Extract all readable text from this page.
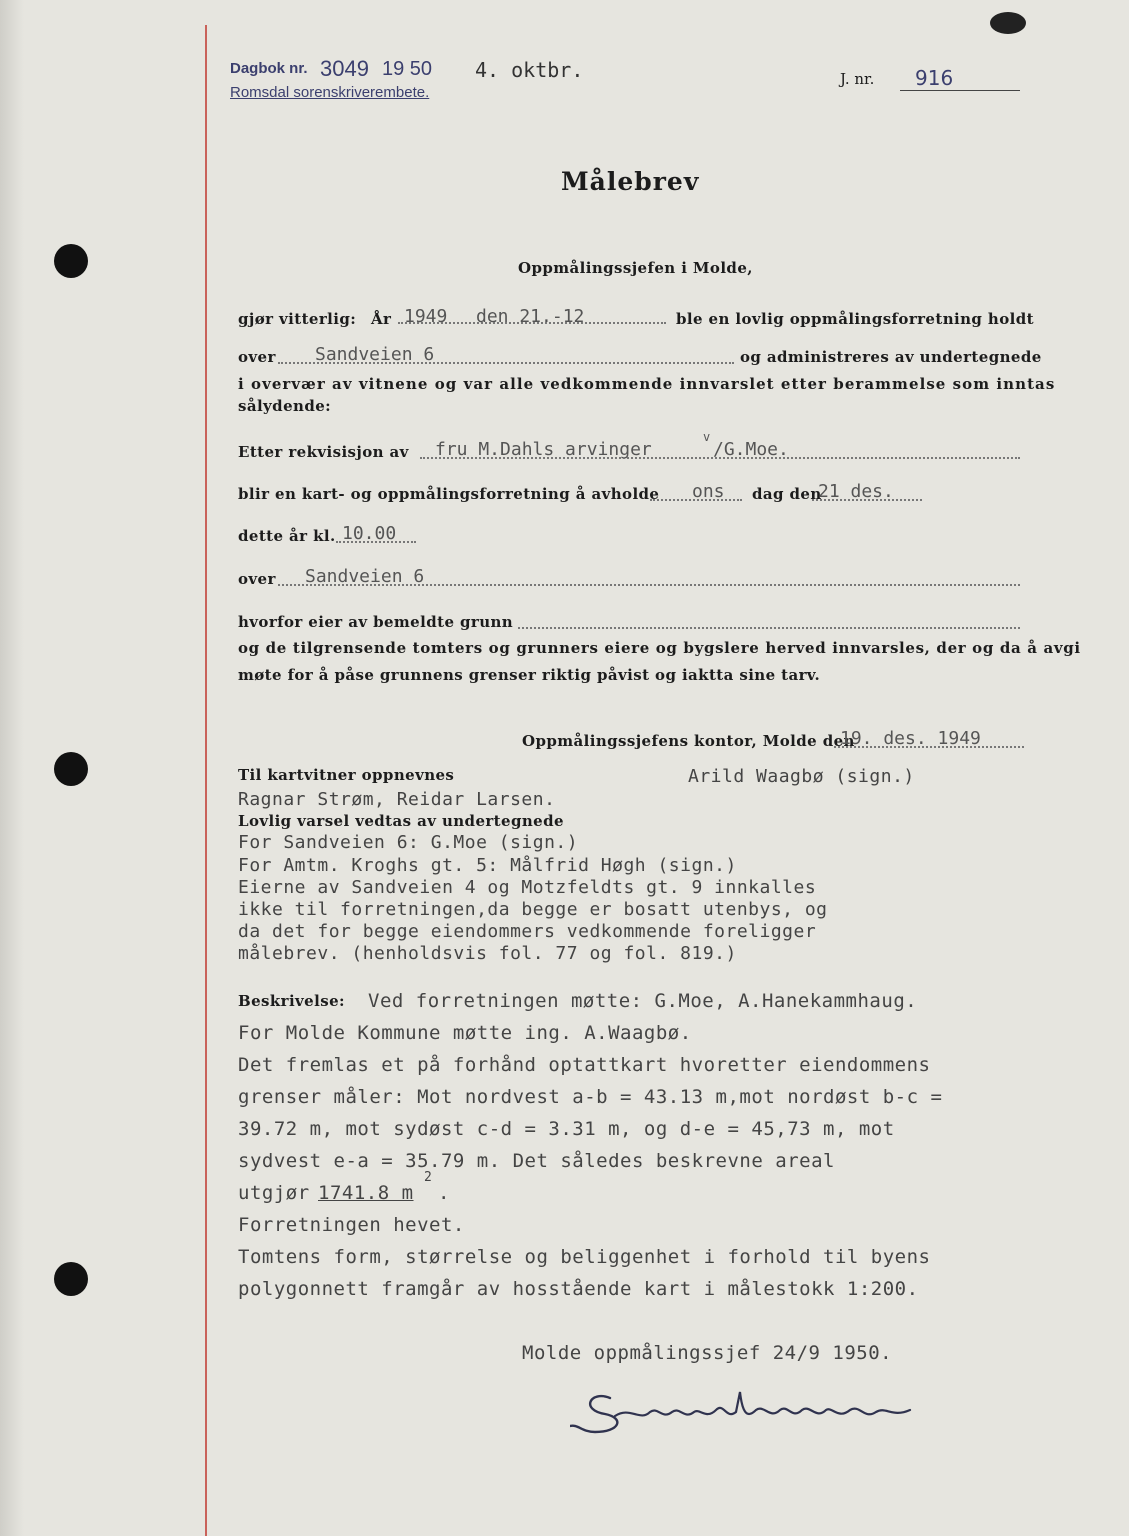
Dagbok nr. 3049 19 50 4. oktbr.
Romsdal sorenskriverembete.
J. nr. 916
Målebrev
Oppmålingssjefen i Molde,
gjør vitterlig: År 1949 den 21.-12	ble en lovlig oppmålingsforretning holdt
over Sandveien 6	og administreres av undertegnede
i overvær av vitnene og var alle vedkommende innvarslet etter berammelse som inntas
sålydende:
Etter rekvisisjon av fru M.Dahls arvinger
v
/G.Moe.
blir en kart- og oppmålingsforretning å avholde ons dag den
21 des.
dette år kl. 10.00
over Sandveien 6
hvorfor eier av bemeldte grunn
og de tilgrensende tomters og grunners eiere og bygslere herved innvarsles, der og da å avgi
møte for å påse grunnens grenser riktig påvist og iaktta sine tarv.
Oppmålingssjefens kontor, Molde den
19. des. 1949
Til kartvitner oppnevnes	Arild Waagbø (sign.)
Ragnar Strøm, Reidar Larsen.
Lovlig varsel vedtas av undertegnede
For Sandveien 6: G.Moe (sign.)
For Amtm. Kroghs gt. 5: Målfrid Høgh (sign.)
Eierne av Sandveien 4 og Motzfeldts gt. 9 innkalles
ikke til forretningen,da begge er bosatt utenbys, og
da det for begge eiendommers vedkommende foreligger
målebrev. (henholdsvis fol. 77 og fol. 819.)
Beskrivelse: Ved forretningen møtte: G.Moe, A.Hanekammhaug.
For Molde Kommune møtte ing. A.Waagbø.
Det fremlas et på forhånd optattkart hvoretter eiendommens
grenser måler: Mot nordvest a-b = 43.13 m,mot nordøst b-c =
39.72 m, mot sydøst c-d = 3.31 m, og d-e = 45,73 m, mot
sydvest e-a = 35.79 m. Det således beskrevne areal
utgjør 1741.8 m
2
.
Forretningen hevet.
Tomtens form, størrelse og beliggenhet i forhold til byens
polygonnett framgår av hosstående kart i målestokk 1:200.
Molde oppmålingssjef 24/9 1950.
